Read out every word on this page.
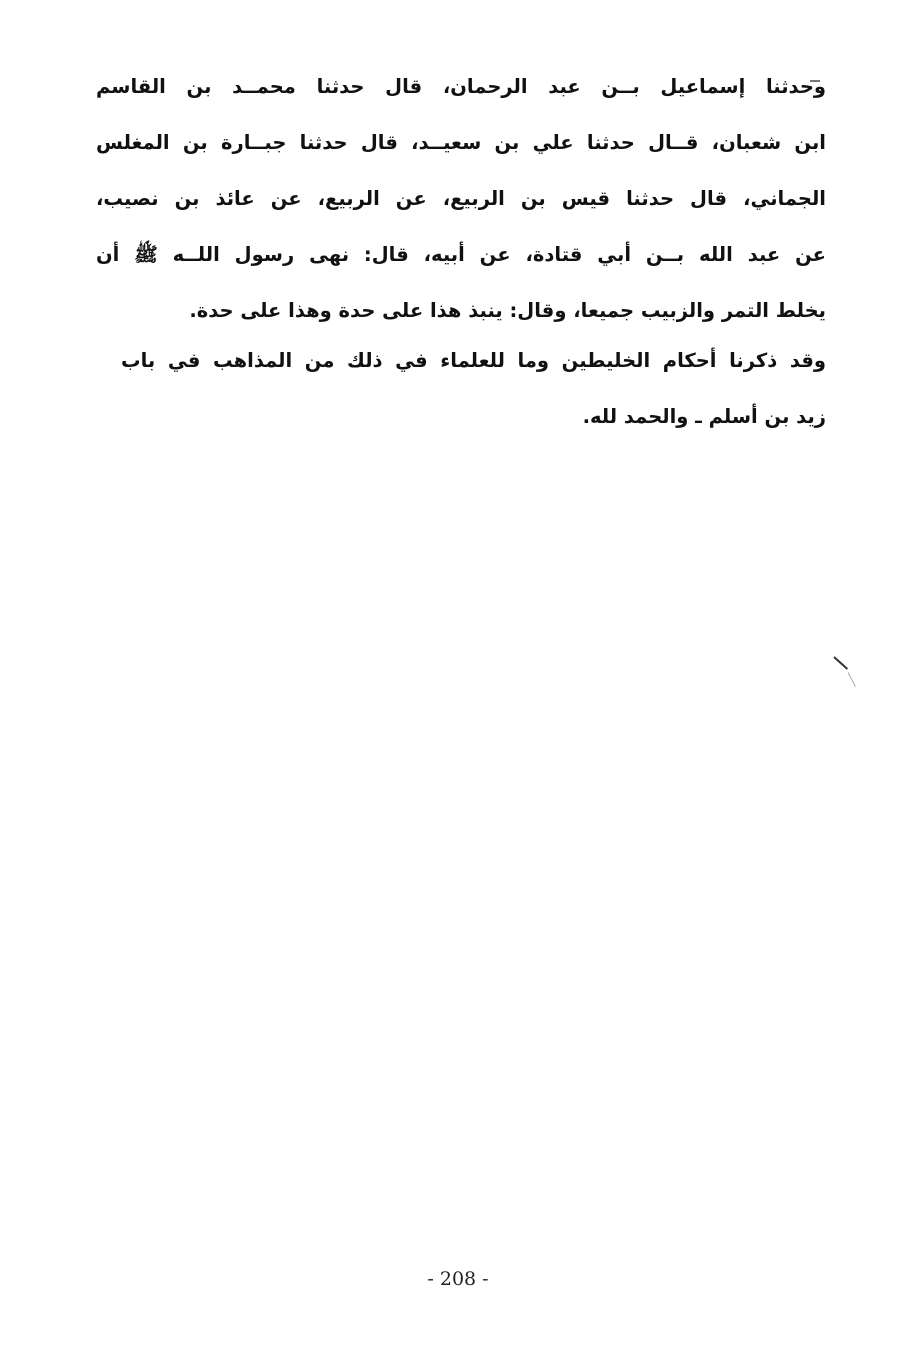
وحدثنا إسماعيل بــن عبد الرحمان، قال حدثنا محمــد بن القاسم
ابن شعبان، قــال حدثنا علي بن سعيــد، قال حدثنا جبــارة بن المغلس
الجماني، قال حدثنا قيس بن الربيع، عن الربيع، عن عائذ بن نصيب،
عن عبد الله بــن أبي قتادة، عن أبيه، قال: نهى رسول اللــه ﷺ أن
يخلط التمر والزبيب جميعا، وقال: ينبذ هذا على حدة وهذا على حدة.
وقد ذكرنا أحكام الخليطين وما للعلماء في ذلك من المذاهب في باب
زيد بن أسلم ـ والحمد لله.
- 208 -
